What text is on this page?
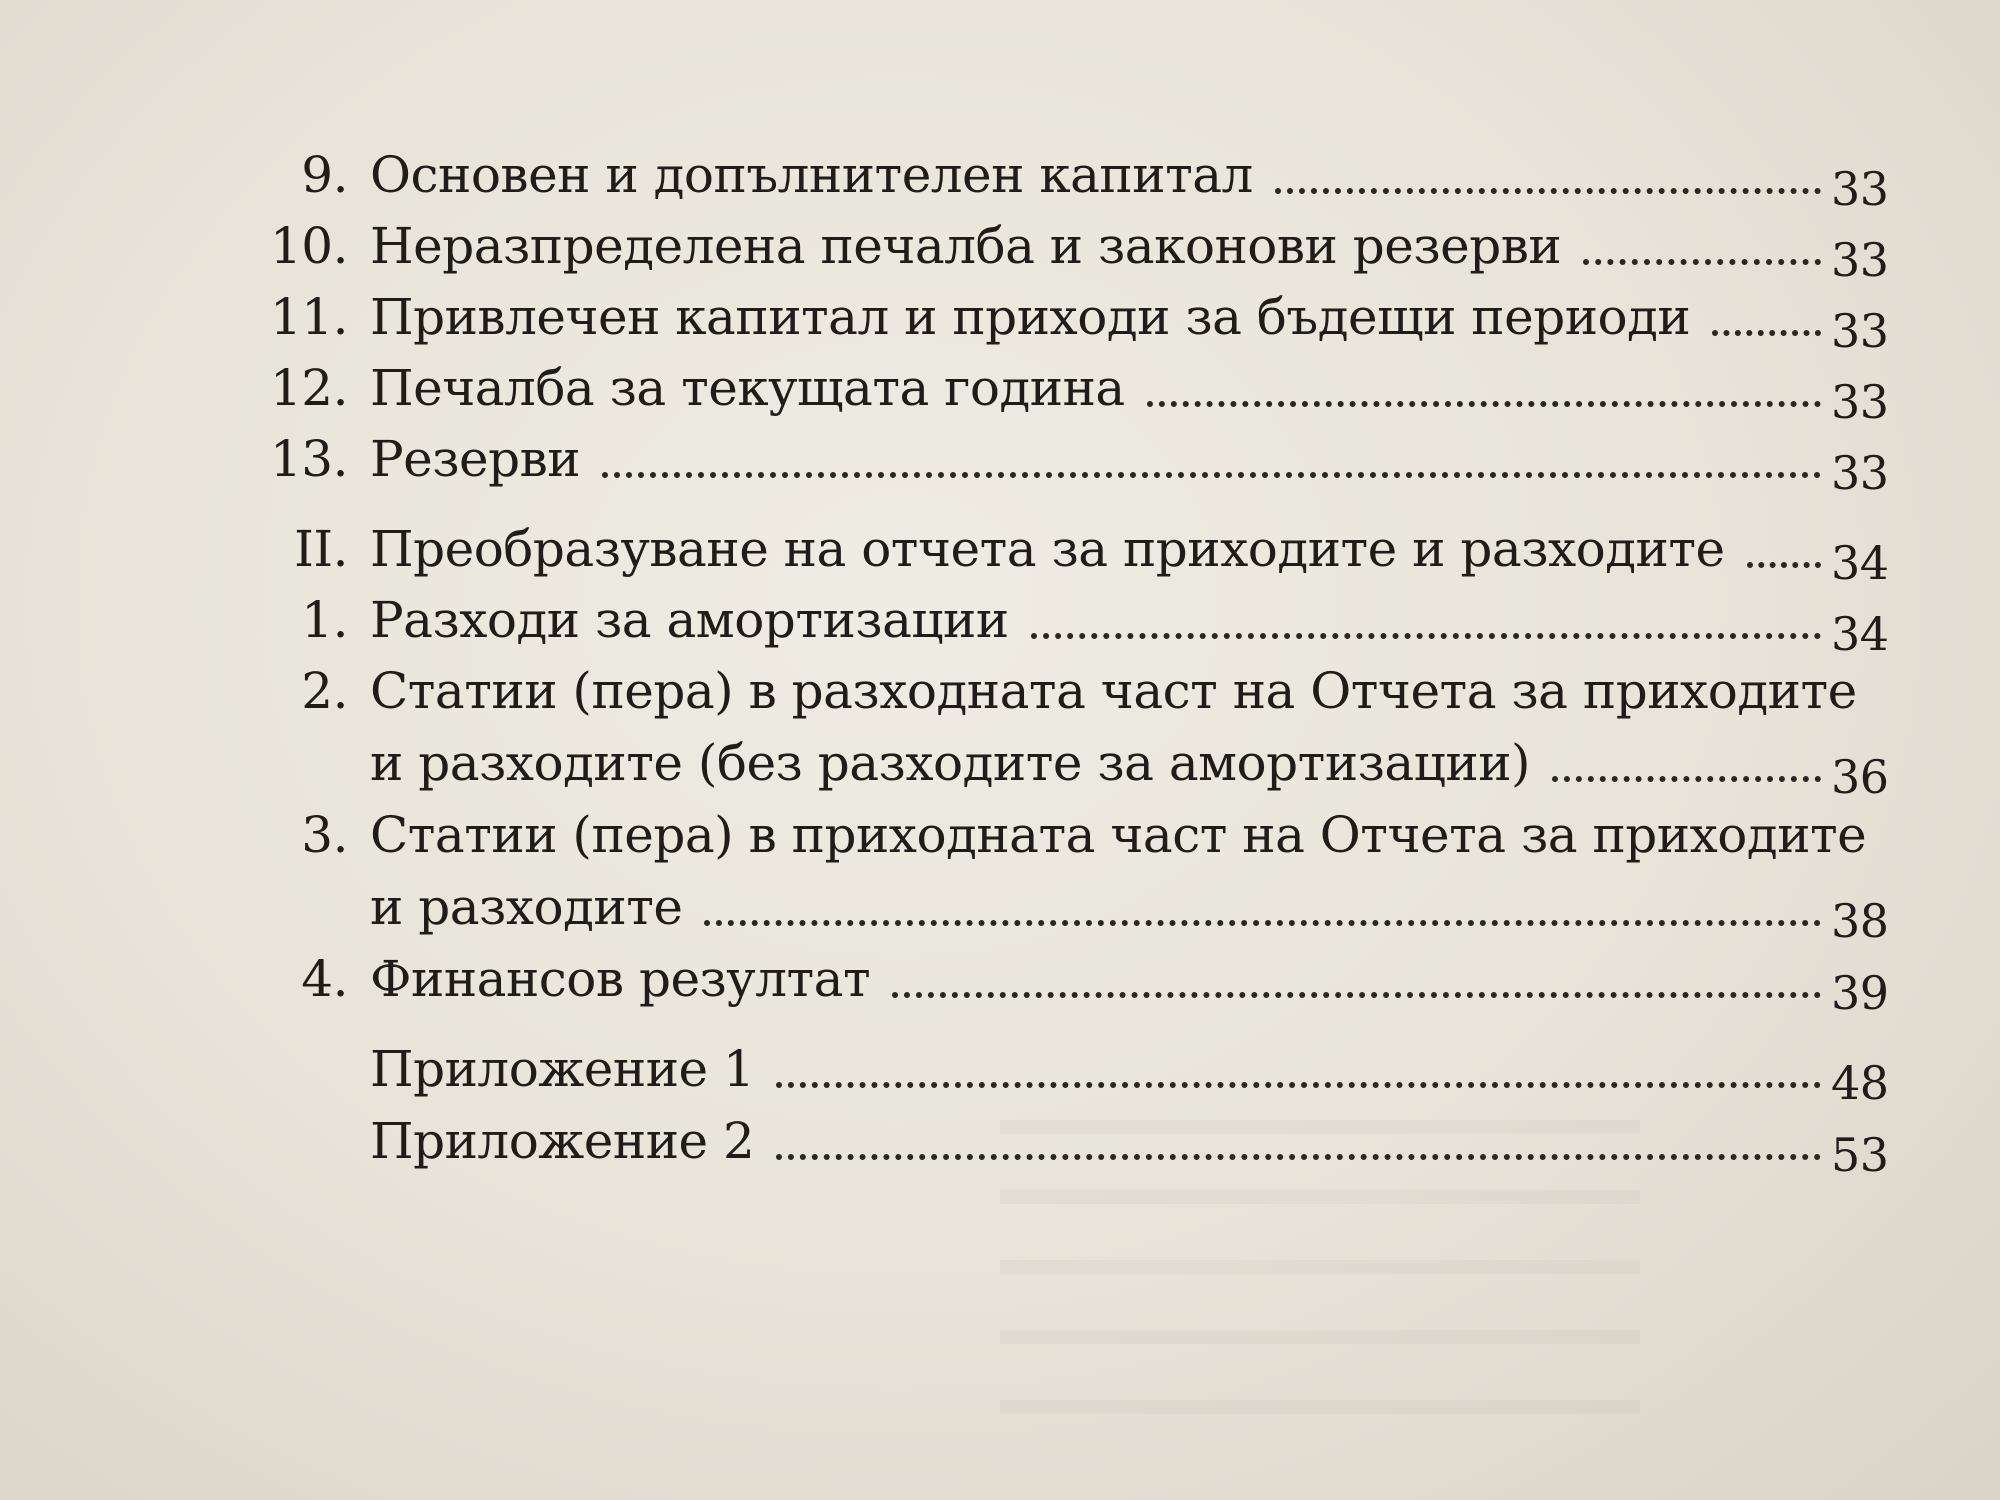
9. Основен и допълнителен капитал	33
10. Неразпределена печалба и законови резерви	33
11. Привлечен капитал и приходи за бъдещи периоди	33
12. Печалба за текущата година	33
13. Резерви	33
II. Преобразуване на отчета за приходите и разходите 34
1. Разходи за амортизации	34
2. Статии (пера) в разходната част на Отчета за приходите
и разходите (без разходите за амортизации)	36
3. Статии (пера) в приходната част на Отчета за приходите
и разходите	38
4. Финансов резултат	39
Приложение 1	48
Приложение 2	53
